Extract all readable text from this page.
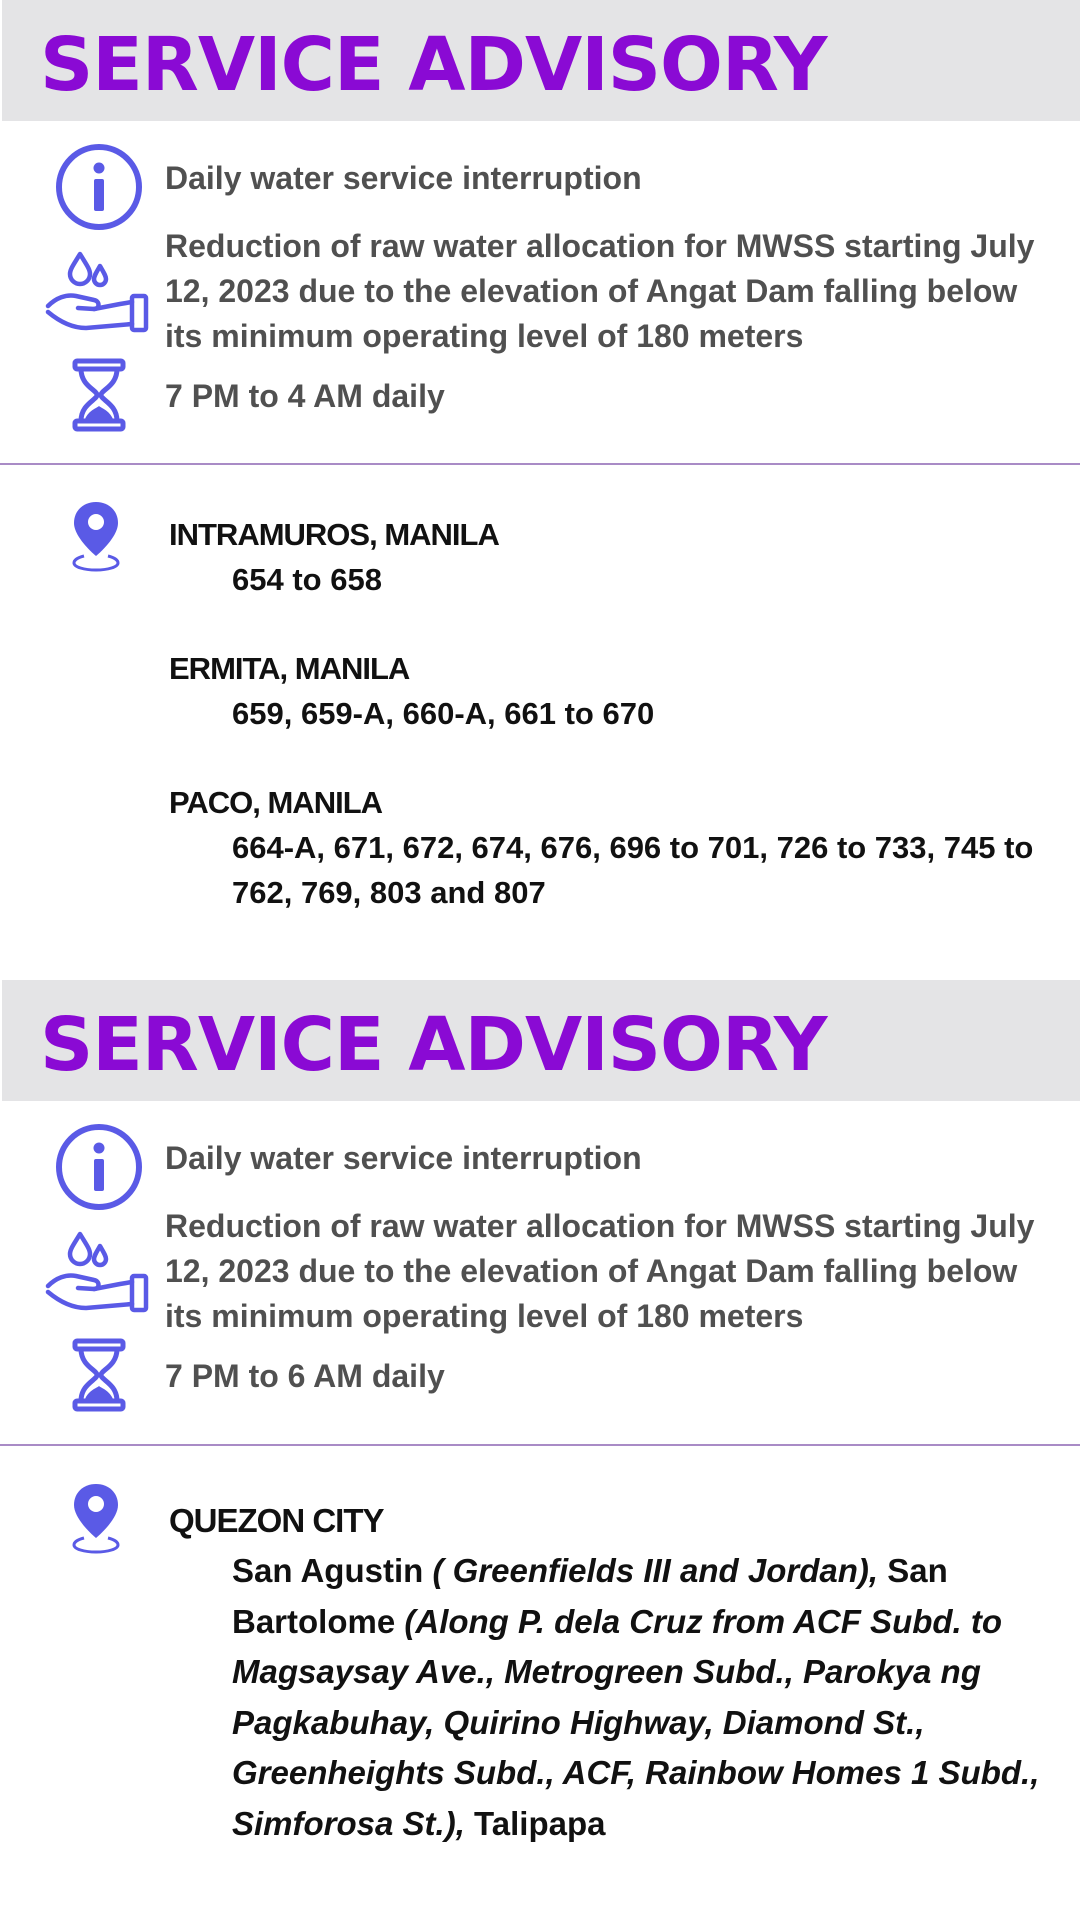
SERVICE ADVISORY

Daily water service interruption

Reduction of raw water allocation for MWSS starting July 12, 2023 due to the elevation of Angat Dam falling below its minimum operating level of 180 meters

7 PM to 4 AM daily

INTRAMUROS, MANILA

654 to 658

ERMITA, MANILA

659, 659-A, 660-A, 661 to 670

PACO, MANILA

664-A, 671, 672, 674, 676, 696 to 701, 726 to 733, 745 to 762, 769, 803 and 807

SERVICE ADVISORY

Daily water service interruption

Reduction of raw water allocation for MWSS starting July 12, 2023 due to the elevation of Angat Dam falling below its minimum operating level of 180 meters

7 PM to 6 AM daily

QUEZON CITY

San Agustin ( Greenfields III and Jordan), San Bartolome (Along P. dela Cruz from ACF Subd. to Magsaysay Ave., Metrogreen Subd., Parokya ng Pagkabuhay, Quirino Highway, Diamond St., Greenheights Subd., ACF, Rainbow Homes 1 Subd., Simforosa St.), Talipapa
